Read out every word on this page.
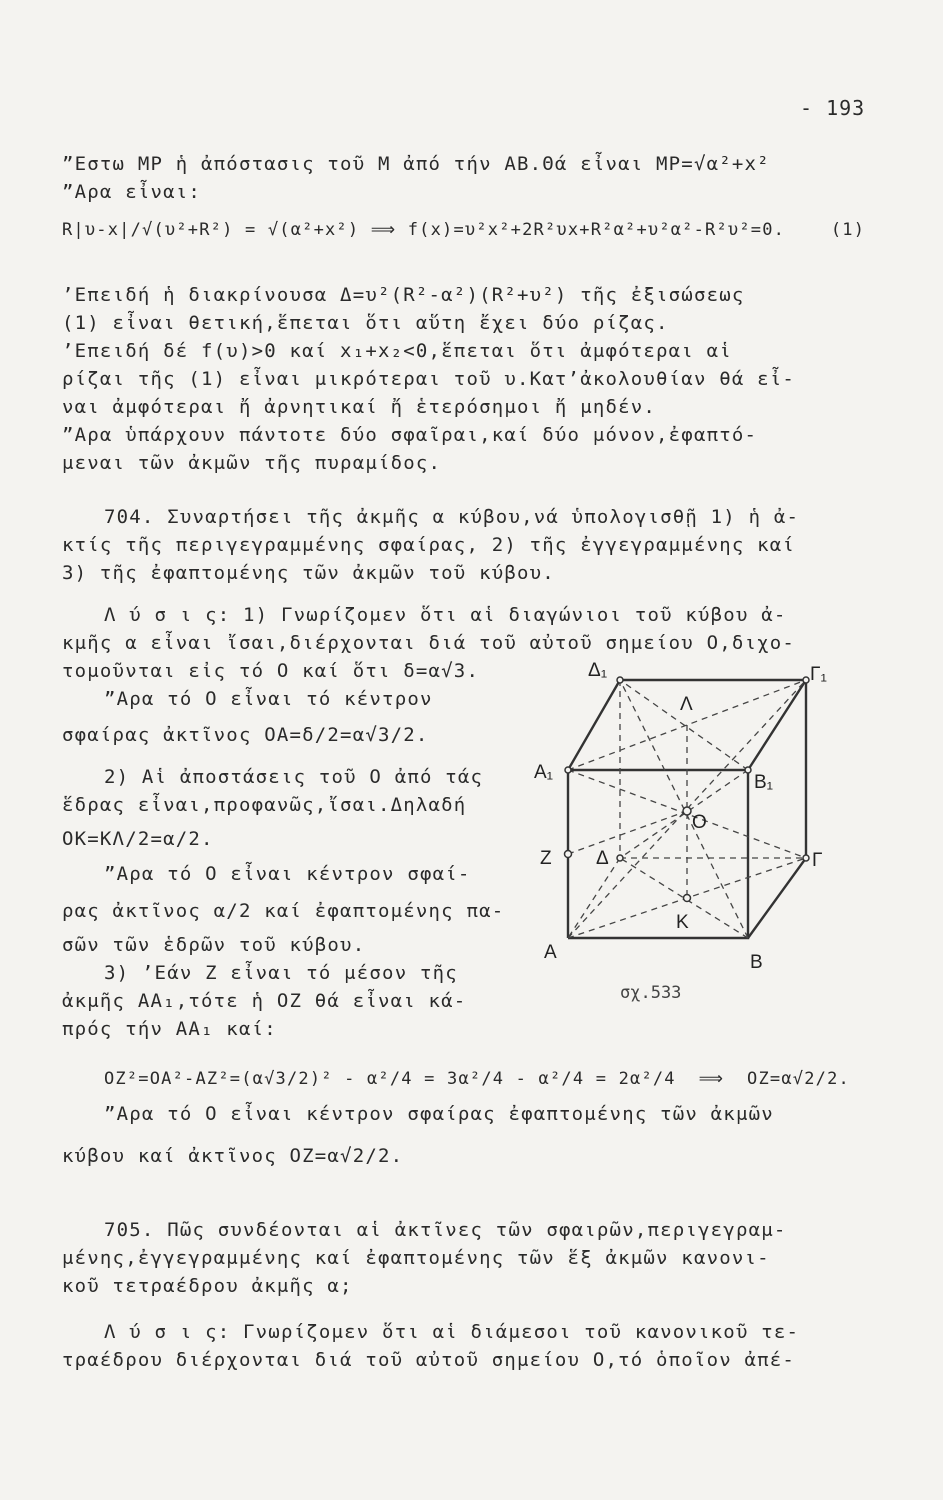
- 193
”Εστω ΜΡ ἡ ἀπόστασις τοῦ Μ ἀπό τήν ΑΒ.Θά εἶναι ΜΡ=√α²+x²
”Αρα εἶναι:
R|υ-x|/√(υ²+R²) = √(α²+x²) ⟹ f(x)=υ²x²+2R²υx+R²α²+υ²α²-R²υ²=0.    (1)
’Επειδή ἡ διακρίνουσα Δ=υ²(R²-α²)(R²+υ²) τῆς ἐξισώσεως
(1) εἶναι θετική,ἕπεται ὅτι αὕτη ἔχει δύο ρίζας.
’Επειδή δέ f(υ)>0 καί x₁+x₂<0,ἕπεται ὅτι ἀμφότεραι αἱ
ρίζαι τῆς (1) εἶναι μικρότεραι τοῦ υ.Κατ’ἀκολουθίαν θά εἶ-
ναι ἀμφότεραι ἤ ἀρνητικαί ἤ ἑτερόσημοι ἤ μηδέν.
”Αρα ὑπάρχουν πάντοτε δύο σφαῖραι,καί δύο μόνον,ἐφαπτό-
μεναι τῶν ἀκμῶν τῆς πυραμίδος.
704. Συναρτήσει τῆς ἀκμῆς α κύβου,νά ὑπολογισθῇ 1) ἡ ἀ-
κτίς τῆς περιγεγραμμένης σφαίρας, 2) τῆς ἐγγεγραμμένης καί
3) τῆς ἐφαπτομένης τῶν ἀκμῶν τοῦ κύβου.
Λ ύ σ ι ς: 1) Γνωρίζομεν ὅτι αἱ διαγώνιοι τοῦ κύβου ἀ-
κμῆς α εἶναι ἴσαι,διέρχονται διά τοῦ αὐτοῦ σημείου Ο,διχο-
τομοῦνται εἰς τό Ο καί ὅτι δ=α√3.
”Αρα τό Ο εἶναι τό κέντρον
σφαίρας ἀκτῖνος ΟΑ=δ/2=α√3/2.
2) Αἱ ἀποστάσεις τοῦ Ο ἀπό τάς
ἕδρας εἶναι,προφανῶς,ἴσαι.Δηλαδή
ΟΚ=ΚΛ/2=α/2.
”Αρα τό Ο εἶναι κέντρον σφαί-
ρας ἀκτῖνος α/2 καί ἐφαπτομένης πα-
σῶν τῶν ἑδρῶν τοῦ κύβου.
3) ’Εάν Ζ εἶναι τό μέσον τῆς
ἀκμῆς ΑΑ₁,τότε ἡ ΟΖ θά εἶναι κά-
πρός τήν ΑΑ₁ καί:
ΟΖ²=ΟΑ²-ΑΖ²=(α√3/2)² - α²/4 = 3α²/4 - α²/4 = 2α²/4  ⟹  ΟΖ=α√2/2.
”Αρα τό Ο εἶναι κέντρον σφαίρας ἐφαπτομένης τῶν ἀκμῶν
κύβου καί ἀκτῖνος ΟΖ=α√2/2.
705. Πῶς συνδέονται αἱ ἀκτῖνες τῶν σφαιρῶν,περιγεγραμ-
μένης,ἐγγεγραμμένης καί ἐφαπτομένης τῶν ἕξ ἀκμῶν κανονι-
κοῦ τετραέδρου ἀκμῆς α;
Λ ύ σ ι ς: Γνωρίζομεν ὅτι αἱ διάμεσοι τοῦ κανονικοῦ τε-
τραέδρου διέρχονται διά τοῦ αὐτοῦ σημείου Ο,τό ὁποῖον ἀπέ-
Δ₁	Γ₁
Α₁	Β₁
Λ
Ο
Ζ Δ	Γ
Κ
Α	Β
σχ.533
